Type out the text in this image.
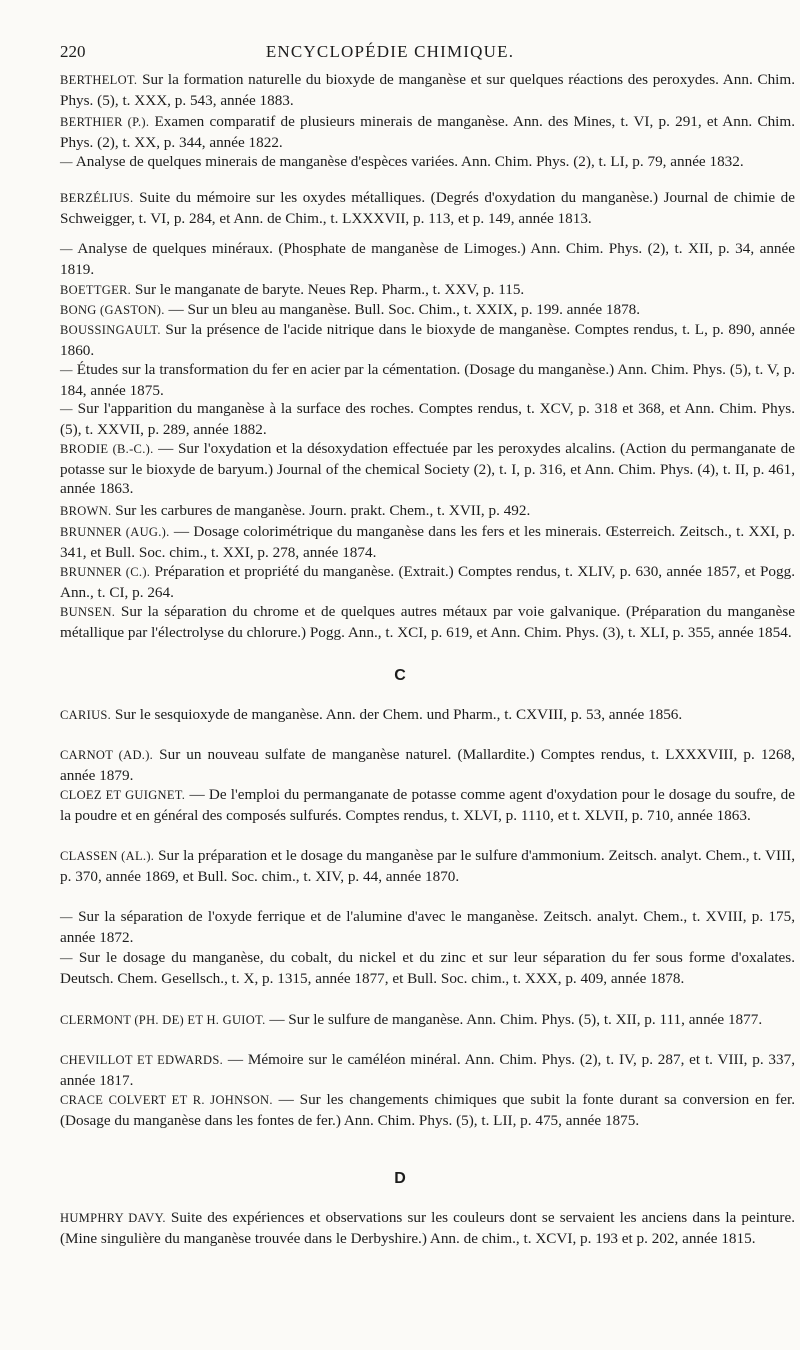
220	ENCYCLOPÉDIE CHIMIQUE.
BERTHELOT. Sur la formation naturelle du bioxyde de manganèse et sur quelques réactions des peroxydes. Ann. Chim. Phys. (5), t. XXX, p. 543, année 1883.
BERTHIER (P.). Examen comparatif de plusieurs minerais de manganèse. Ann. des Mines, t. VI, p. 291, et Ann. Chim. Phys. (2), t. XX, p. 344, année 1822.
— Analyse de quelques minerais de manganèse d'espèces variées. Ann. Chim. Phys. (2), t. LI, p. 79, année 1832.
BERZÉLIUS. Suite du mémoire sur les oxydes métalliques. (Degrés d'oxydation du manganèse.) Journal de chimie de Schweigger, t. VI, p. 284, et Ann. de Chim., t. LXXXVII, p. 113, et p. 149, année 1813.
— Analyse de quelques minéraux. (Phosphate de manganèse de Limoges.) Ann. Chim. Phys. (2), t. XII, p. 34, année 1819.
BOETTGER. Sur le manganate de baryte. Neues Rep. Pharm., t. XXV, p. 115.
BONG (GASTON). — Sur un bleu au manganèse. Bull. Soc. Chim., t. XXIX, p. 199. année 1878.
BOUSSINGAULT. Sur la présence de l'acide nitrique dans le bioxyde de manganèse. Comptes rendus, t. L, p. 890, année 1860.
— Études sur la transformation du fer en acier par la cémentation. (Dosage du manganèse.) Ann. Chim. Phys. (5), t. V, p. 184, année 1875.
— Sur l'apparition du manganèse à la surface des roches. Comptes rendus, t. XCV, p. 318 et 368, et Ann. Chim. Phys. (5), t. XXVII, p. 289, année 1882.
BRODIE (B.-C.). — Sur l'oxydation et la désoxydation effectuée par les peroxydes alcalins. (Action du permanganate de potasse sur le bioxyde de baryum.) Journal of the chemical Society (2), t. I, p. 316, et Ann. Chim. Phys. (4), t. II, p. 461, année 1863.
BROWN. Sur les carbures de manganèse. Journ. prakt. Chem., t. XVII, p. 492.
BRUNNER (AUG.). — Dosage colorimétrique du manganèse dans les fers et les minerais. Œsterreich. Zeitsch., t. XXI, p. 341, et Bull. Soc. chim., t. XXI, p. 278, année 1874.
BRUNNER (C.). Préparation et propriété du manganèse. (Extrait.) Comptes rendus, t. XLIV, p. 630, année 1857, et Pogg. Ann., t. CI, p. 264.
BUNSEN. Sur la séparation du chrome et de quelques autres métaux par voie galvanique. (Préparation du manganèse métallique par l'électrolyse du chlorure.) Pogg. Ann., t. XCI, p. 619, et Ann. Chim. Phys. (3), t. XLI, p. 355, année 1854.
C
CARIUS. Sur le sesquioxyde de manganèse. Ann. der Chem. und Pharm., t. CXVIII, p. 53, année 1856.
CARNOT (AD.). Sur un nouveau sulfate de manganèse naturel. (Mallardite.) Comptes rendus, t. LXXXVIII, p. 1268, année 1879.
CLOEZ ET GUIGNET. — De l'emploi du permanganate de potasse comme agent d'oxydation pour le dosage du soufre, de la poudre et en général des composés sulfurés. Comptes rendus, t. XLVI, p. 1110, et t. XLVII, p. 710, année 1863.
CLASSEN (AL.). Sur la préparation et le dosage du manganèse par le sulfure d'ammonium. Zeitsch. analyt. Chem., t. VIII, p. 370, année 1869, et Bull. Soc. chim., t. XIV, p. 44, année 1870.
— Sur la séparation de l'oxyde ferrique et de l'alumine d'avec le manganèse. Zeitsch. analyt. Chem., t. XVIII, p. 175, année 1872.
— Sur le dosage du manganèse, du cobalt, du nickel et du zinc et sur leur séparation du fer sous forme d'oxalates. Deutsch. Chem. Gesellsch., t. X, p. 1315, année 1877, et Bull. Soc. chim., t. XXX, p. 409, année 1878.
CLERMONT (PH. DE) ET H. GUIOT. — Sur le sulfure de manganèse. Ann. Chim. Phys. (5), t. XII, p. 111, année 1877.
CHEVILLOT ET EDWARDS. — Mémoire sur le caméléon minéral. Ann. Chim. Phys. (2), t. IV, p. 287, et t. VIII, p. 337, année 1817.
CRACE COLVERT ET R. JOHNSON. — Sur les changements chimiques que subit la fonte durant sa conversion en fer. (Dosage du manganèse dans les fontes de fer.) Ann. Chim. Phys. (5), t. LII, p. 475, année 1875.
D
HUMPHRY DAVY. Suite des expériences et observations sur les couleurs dont se servaient les anciens dans la peinture. (Mine singulière du manganèse trouvée dans le Derbyshire.) Ann. de chim., t. XCVI, p. 193 et p. 202, année 1815.
